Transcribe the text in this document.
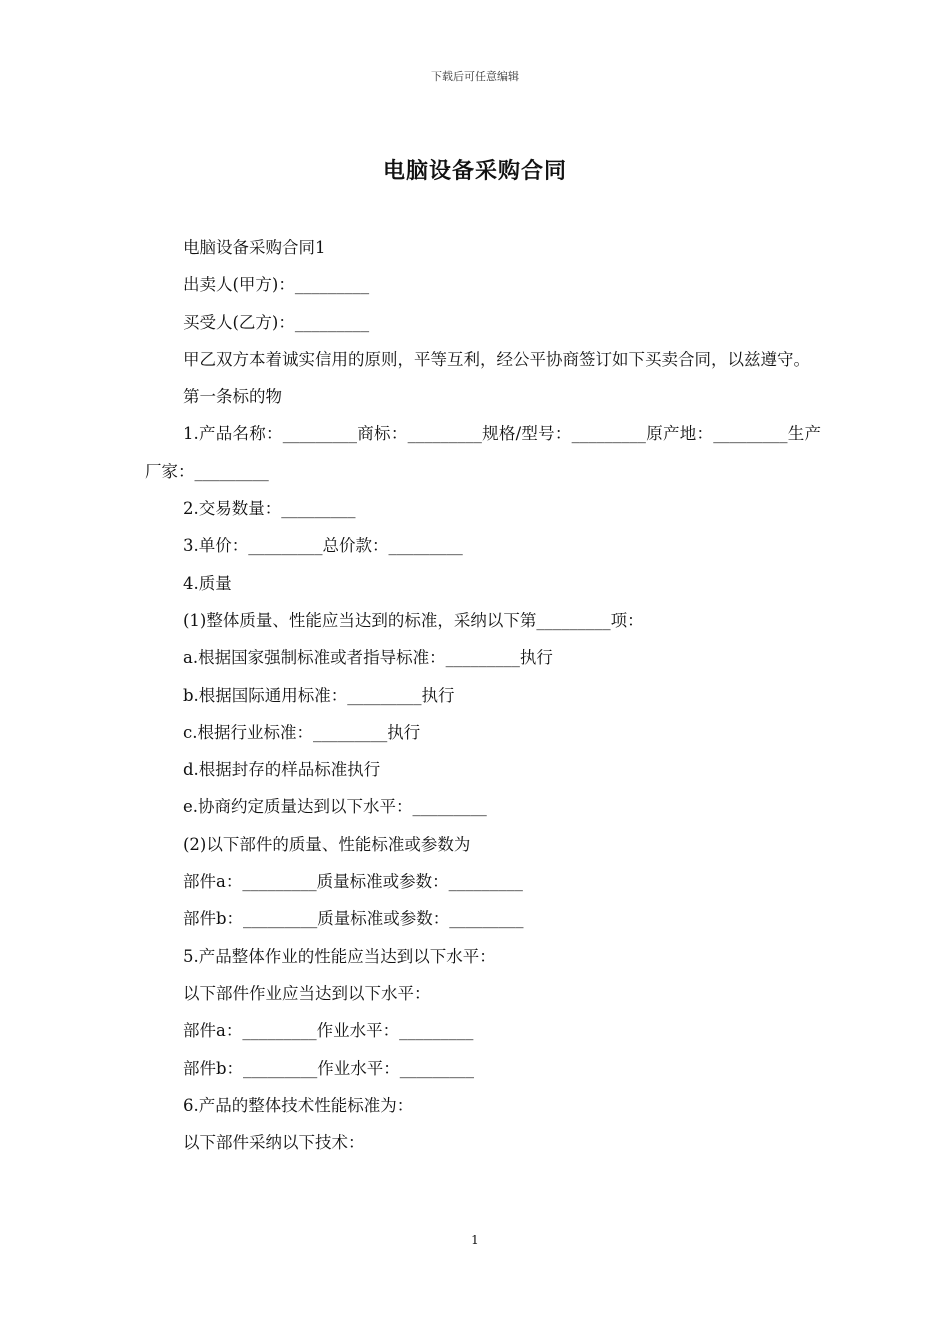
下载后可任意编辑
电脑设备采购合同

电脑设备采购合同1

出卖人(甲方)：_________

买受人(乙方)：_________

甲乙双方本着诚实信用的原则，平等互利，经公平协商签订如下买卖合同，以兹遵守。

第一条标的物

1.产品名称：_________商标：_________规格/型号：_________原产地：_________生产厂家：_________

2.交易数量：_________

3.单价：_________总价款：_________

4.质量

(1)整体质量、性能应当达到的标准，采纳以下第_________项：

a.根据国家强制标准或者指导标准：_________执行

b.根据国际通用标准：_________执行

c.根据行业标准：_________执行

d.根据封存的样品标准执行

e.协商约定质量达到以下水平：_________

(2)以下部件的质量、性能标准或参数为

部件a：_________质量标准或参数：_________

部件b：_________质量标准或参数：_________

5.产品整体作业的性能应当达到以下水平：

以下部件作业应当达到以下水平：

部件a：_________作业水平：_________

部件b：_________作业水平：_________

6.产品的整体技术性能标准为：

以下部件采纳以下技术：

1
